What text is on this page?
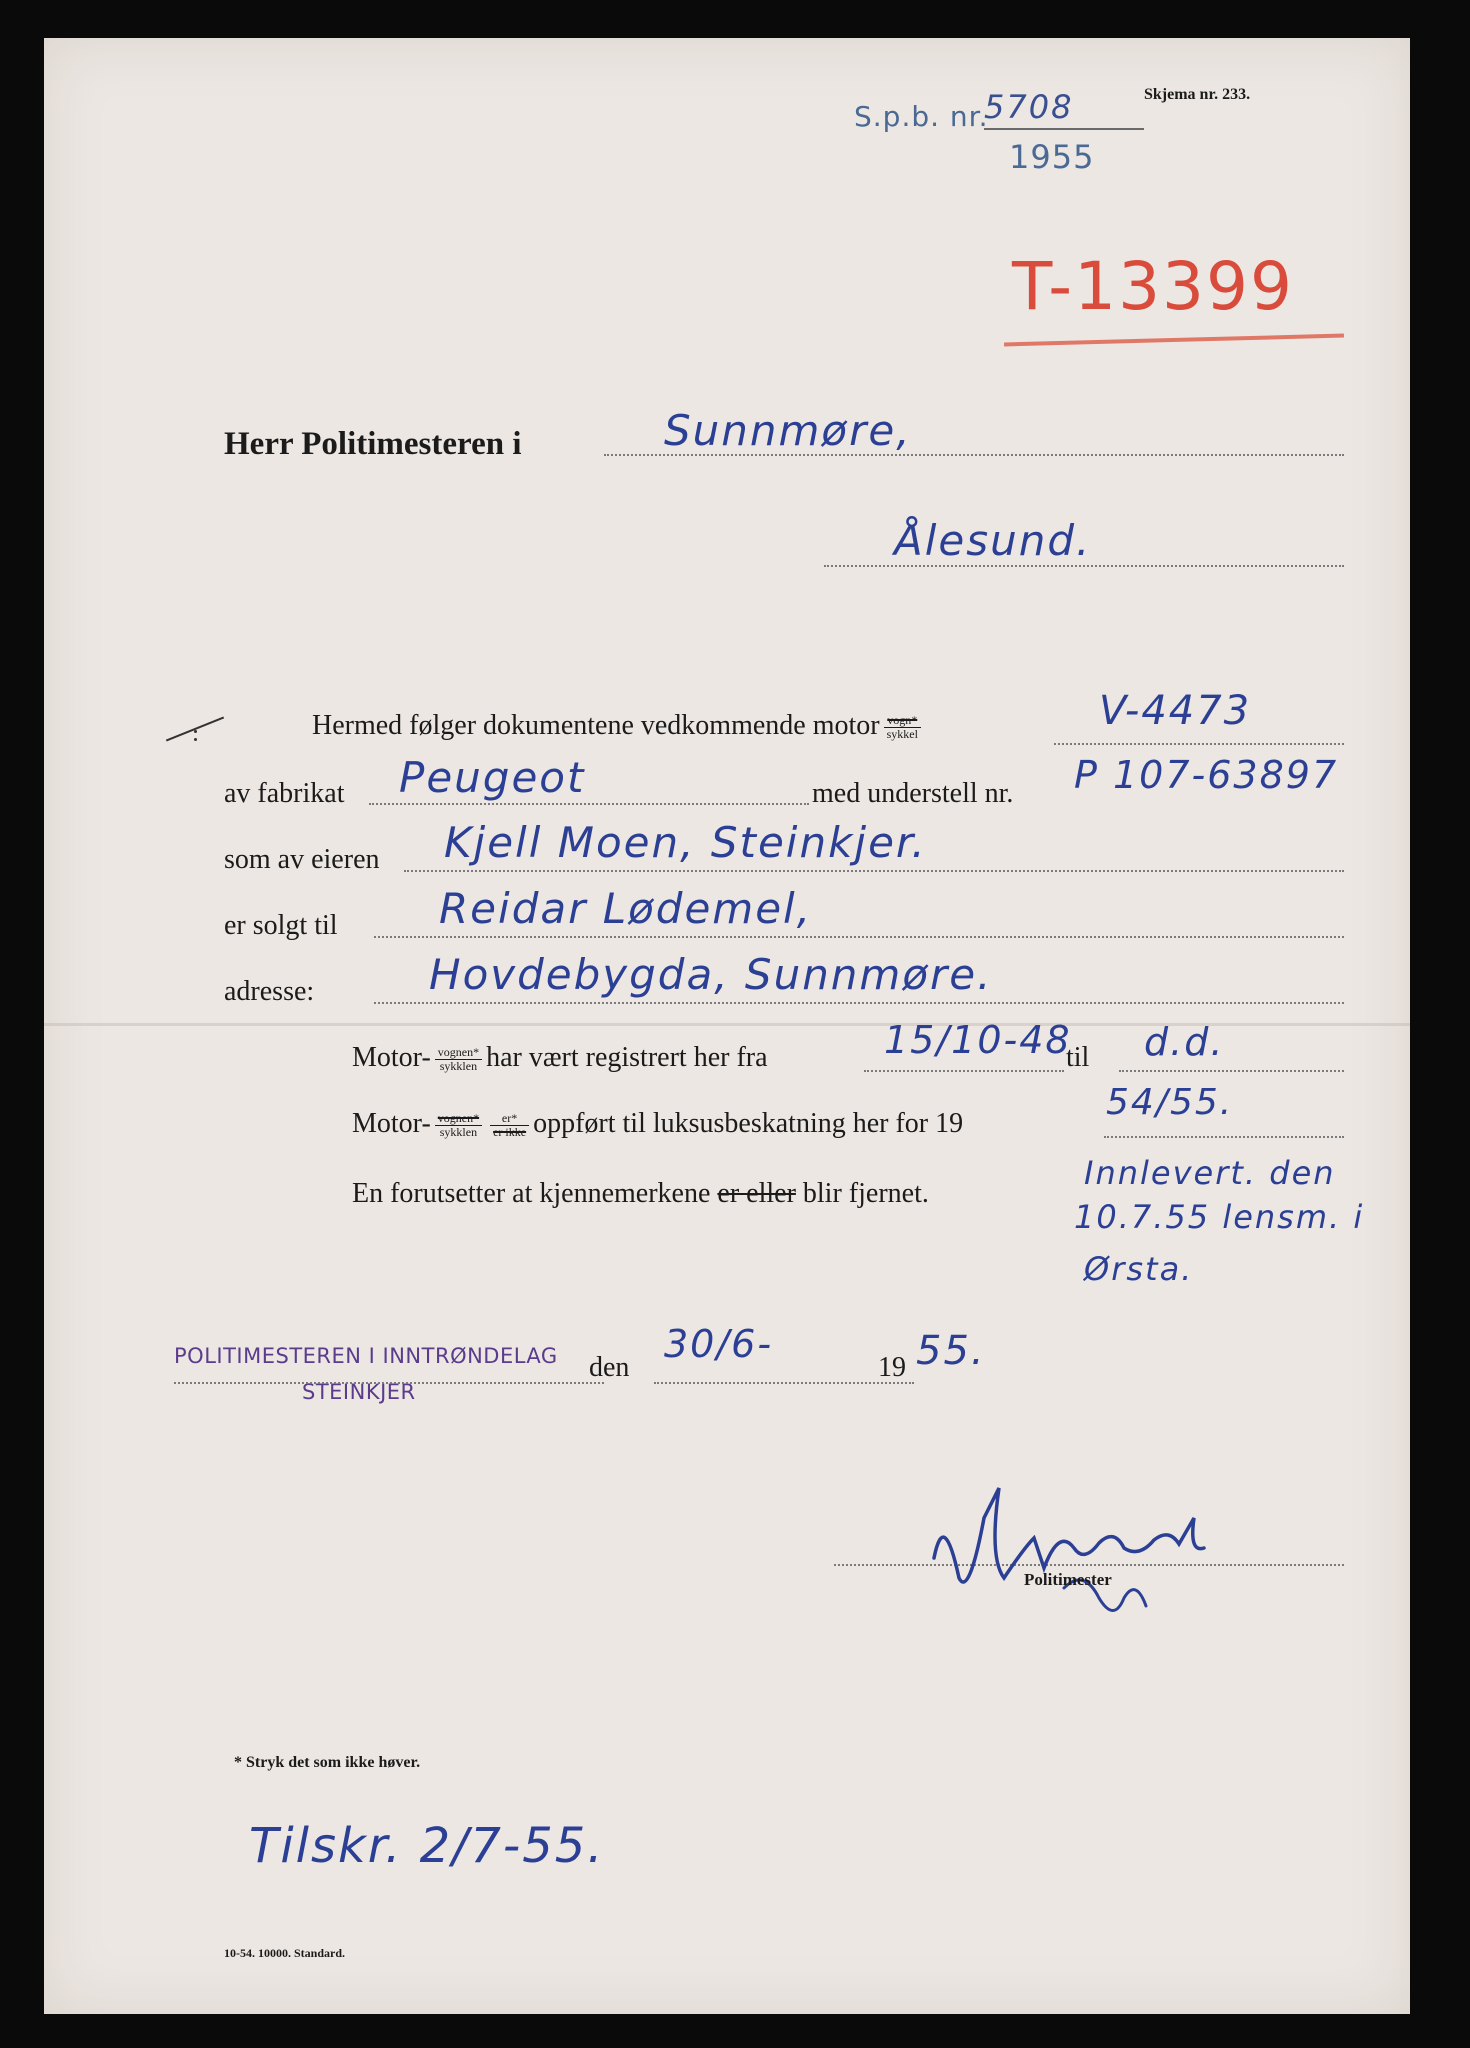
S.p.b. nr.
5708
1955
Skjema nr. 233.
T-13399
Herr Politimesteren i	Sunnmøre,
Ålesund.
Hermed følger dokumentene vedkommende motor $\frac{\text{vogn*}}{\text{sykkel}}$	V-4473
av fabrikat Peugeot	med understell nr. P 107-63897
som av eieren Kjell Moen, Steinkjer.
er solgt til Reidar Lødemel,
adresse:	Hovdebygda, Sunnmøre.
Motor- $\frac{\text{vognen*}}{\text{sykklen}}$ har vært registrert her fra	15/10-48
til d.d.
Motor- $\frac{\text{vognen*}}{\text{sykklen}} \frac{er*}{\text{er ikke}}$ oppført til luksusbeskatning her for 19
54/55.
En forutsetter at kjennemerkene er eller blir fjernet.
Innlevert. den
10.7.55 lensm. i
Ørsta.
POLITIMESTEREN I INNTRØNDELAG
STEINKJER
den
30/6-
19 55.
Politimester
* Stryk det som ikke høver.
Tilskr. 2/7-55.
10-54. 10000. Standard.
